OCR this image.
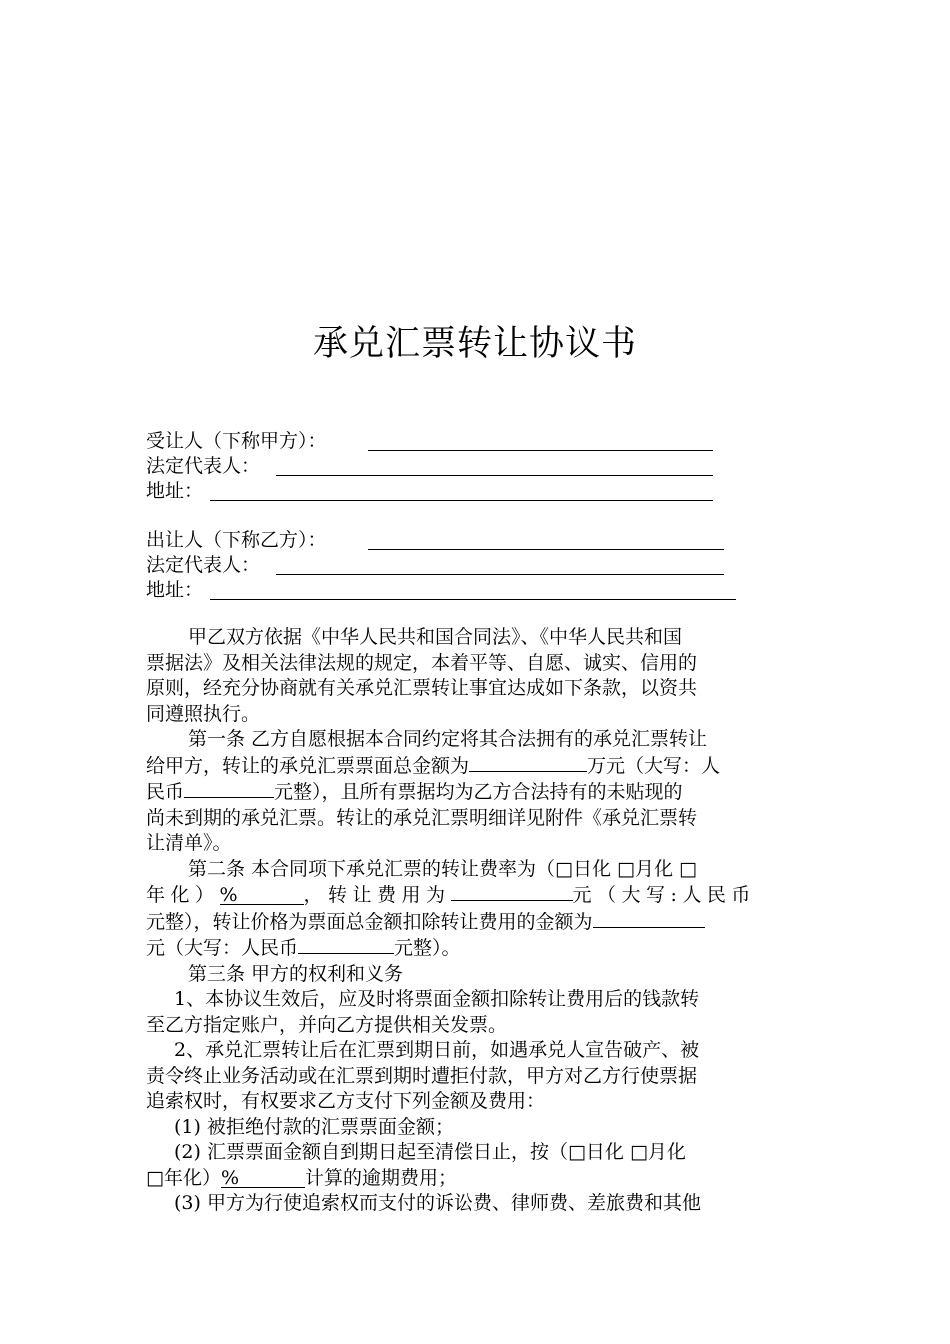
承兑汇票转让协议书
受让人（下称甲方）：
法定代表人：
地址：
出让人（下称乙方）：
法定代表人：
地址：

甲乙双方依据《中华人民共和国合同法》、《中华人民共和国

票据法》及相关法律法规的规定，本着平等、自愿、诚实、信用的

原则，经充分协商就有关承兑汇票转让事宜达成如下条款，以资共

同遵照执行。

第一条 乙方自愿根据本合同约定将其合法拥有的承兑汇票转让

给甲方，转让的承兑汇票票面总金额为	万元（大写：人

民币	元整），且所有票据均为乙方合法持有的未贴现的

尚未到期的承兑汇票。转让的承兑汇票明细详见附件《承兑汇票转

让清单》。

第二条 本合同项下承兑汇票的转让费率为（□日化 □月化 □

年化）%	，转让费用为	元（大写:人民币

元整），转让价格为票面总金额扣除转让费用的金额为

元（大写：人民币	元整）。

第三条 甲方的权利和义务

1、本协议生效后，应及时将票面金额扣除转让费用后的钱款转

至乙方指定账户，并向乙方提供相关发票。

2、承兑汇票转让后在汇票到期日前，如遇承兑人宣告破产、被

责令终止业务活动或在汇票到期时遭拒付款，甲方对乙方行使票据

追索权时，有权要求乙方支付下列金额及费用：

(1) 被拒绝付款的汇票票面金额；

(2) 汇票票面金额自到期日起至清偿日止，按（□日化 □月化

□年化）%	计算的逾期费用；

(3) 甲方为行使追索权而支付的诉讼费、律师费、差旅费和其他
